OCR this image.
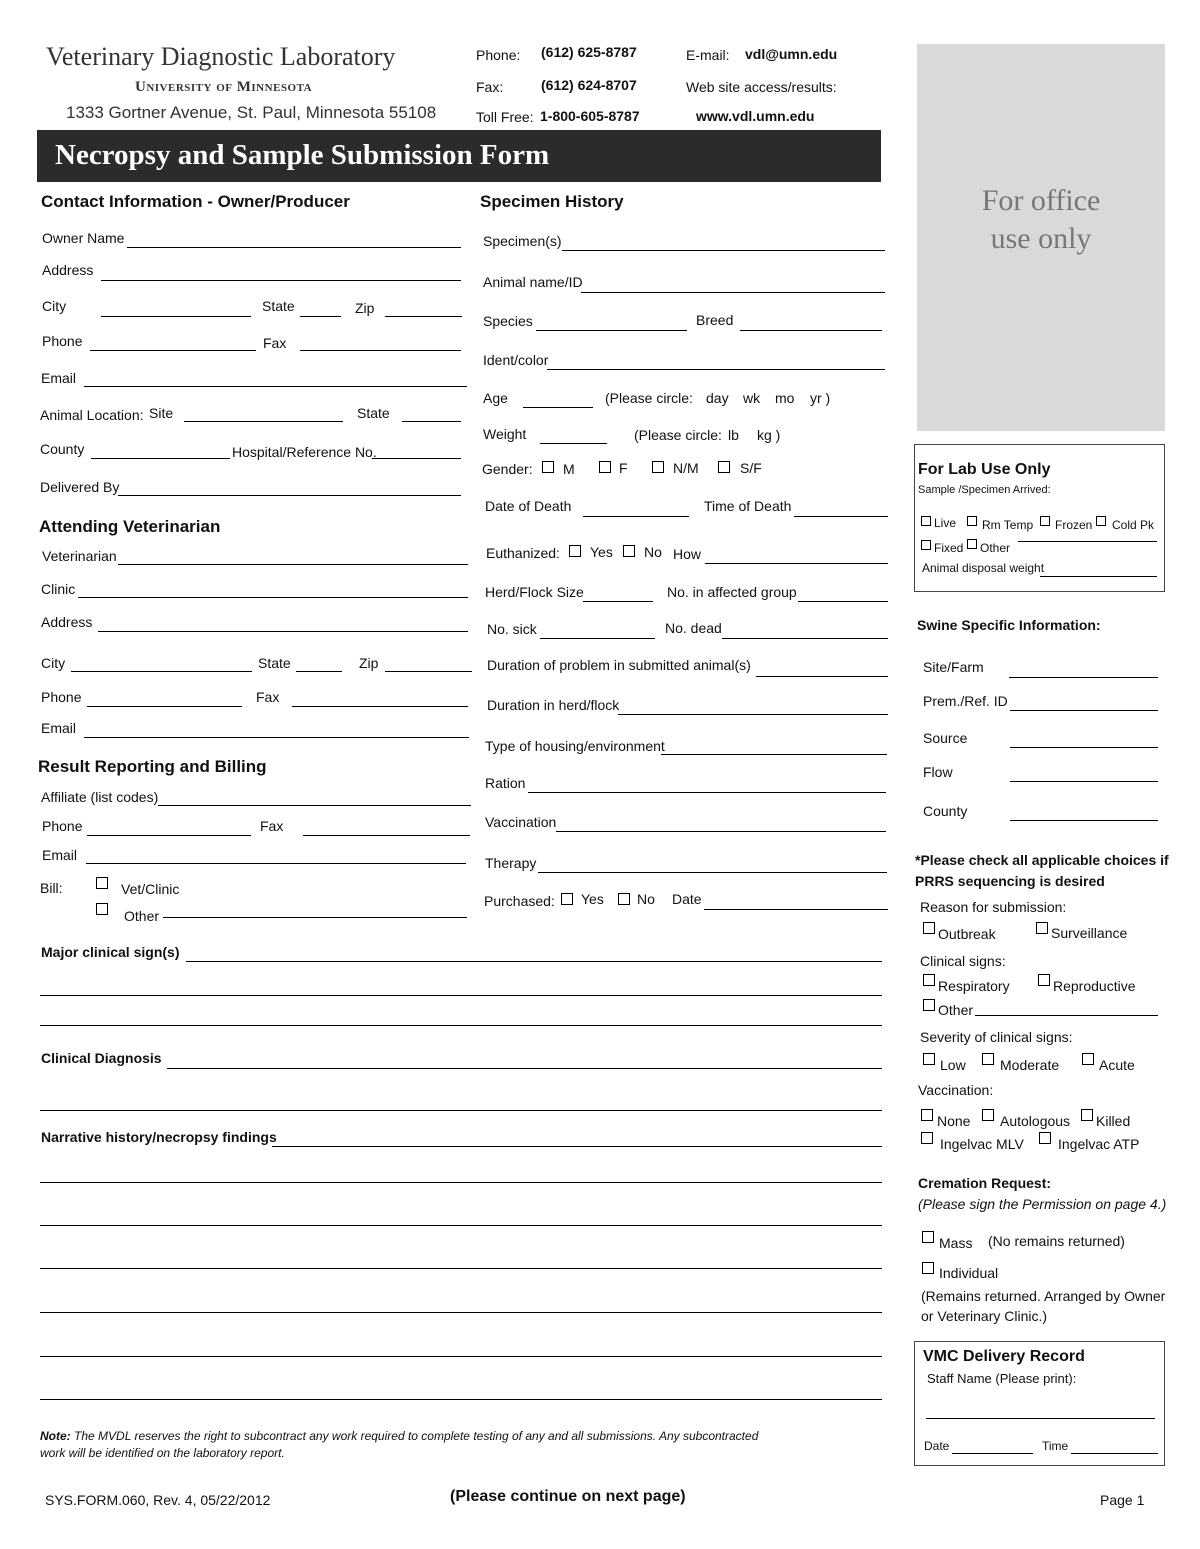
Veterinary Diagnostic Laboratory
University of Minnesota
1333 Gortner Avenue, St. Paul, Minnesota 55108
Phone: (612) 625-8787
Fax:	(612) 624-8707
Toll Free: 1-800-605-8787
E-mail: vdl@umn.edu
Web site access/results:
www.vdl.umn.edu
Necropsy and Sample Submission Form
For office
use only
Contact Information - Owner/Producer
Owner Name
Address
City	State	Zip
Phone	Fax
Email
Animal Location: Site	State
County	Hospital/Reference No.
Delivered By
Attending Veterinarian
Veterinarian
Clinic
Address
City	State	Zip
Phone	Fax
Email
Result Reporting and Billing
Affiliate (list codes)
Phone	Fax
Email
Bill:	Vet/Clinic
Other
Specimen History
Specimen(s)
Animal name/ID
Species	Breed
Ident/color
Age	(Please circle: day wk mo yr )
Weight	(Please circle: lb kg )
Gender: M	F	N/M	S/F
Date of Death	Time of Death
Euthanized: Yes No How
Herd/Flock Size	No. in affected group
No. sick	No. dead
Duration of problem in submitted animal(s)
Duration in herd/flock
Type of housing/environment
Ration
Vaccination
Therapy
Purchased: Yes No Date
Major clinical sign(s)
Clinical Diagnosis
Narrative history/necropsy findings
Note: The MVDL reserves the right to subcontract any work required to complete testing of any and all submissions. Any subcontracted
work will be identified on the laboratory report.
SYS.FORM.060, Rev. 4, 05/22/2012	(Please continue on next page)	Page 1
For Lab Use Only
Sample /Specimen Arrived:
Live Rm Temp Frozen Cold Pk
Fixed Other
Animal disposal weight
Swine Specific Information:
Site/Farm
Prem./Ref. ID
Source
Flow
County
*Please check all applicable choices if
PRRS sequencing is desired
Reason for submission:
Outbreak	Surveillance
Clinical signs:
Respiratory	Reproductive
Other
Severity of clinical signs:
Low Moderate	Acute
Vaccination:
None Autologous Killed
Ingelvac MLV Ingelvac ATP
Cremation Request:
(Please sign the Permission on page 4.)
Mass (No remains returned)
Individual
(Remains returned. Arranged by Owner
or Veterinary Clinic.)
VMC Delivery Record
Staff Name (Please print):
Date	Time
